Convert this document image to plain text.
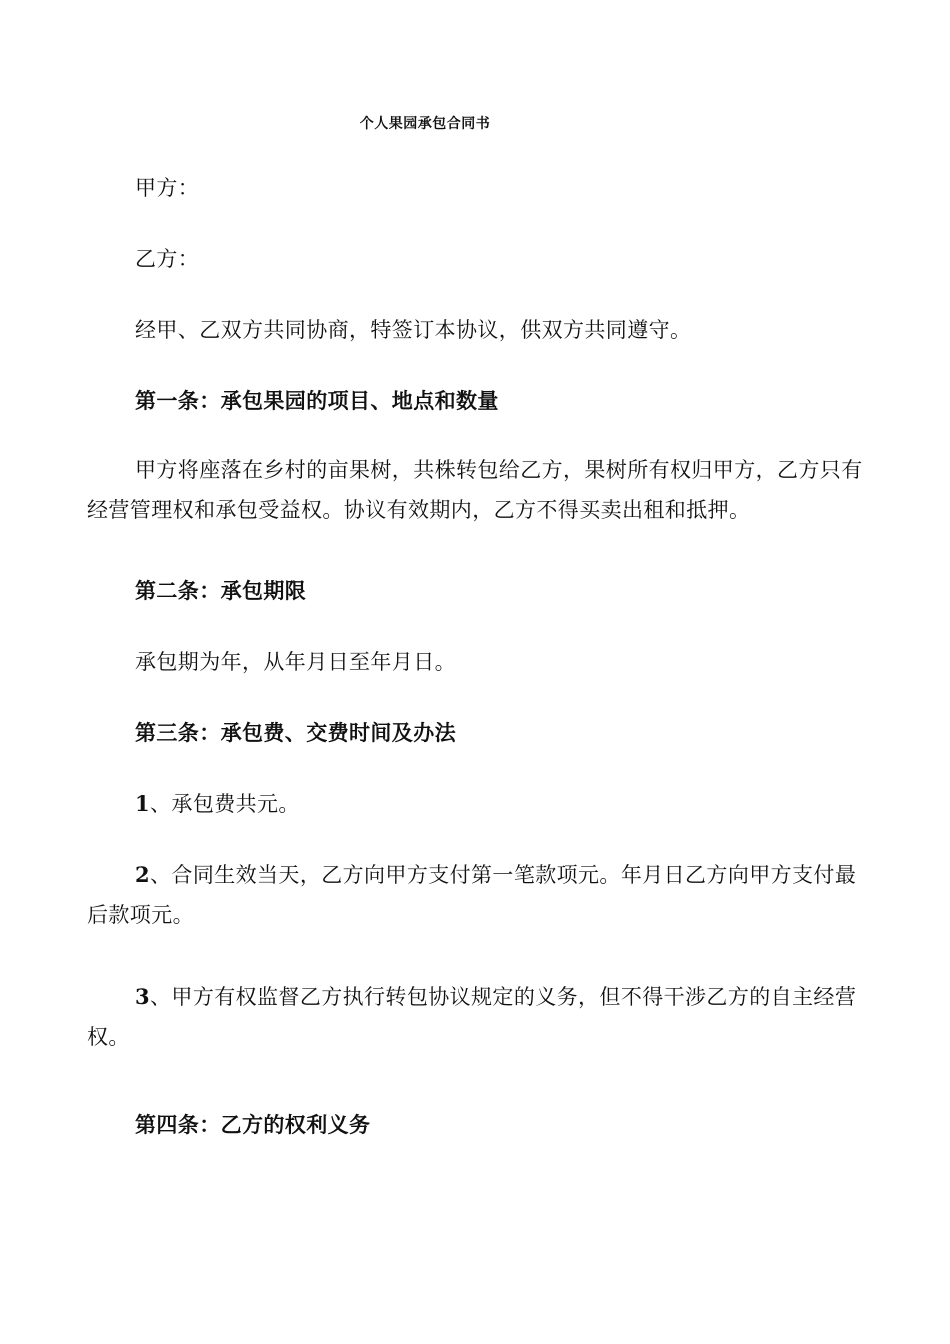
个人果园承包合同书

甲方：

乙方：

经甲、乙双方共同协商，特签订本协议，供双方共同遵守。

第一条：承包果园的项目、地点和数量

甲方将座落在乡村的亩果树，共株转包给乙方，果树所有权归甲方，乙方只有经营管理权和承包受益权。协议有效期内，乙方不得买卖出租和抵押。

第二条：承包期限

承包期为年，从年月日至年月日。

第三条：承包费、交费时间及办法

1、承包费共元。

2、合同生效当天，乙方向甲方支付第一笔款项元。年月日乙方向甲方支付最后款项元。

3、甲方有权监督乙方执行转包协议规定的义务，但不得干涉乙方的自主经营权。

第四条：乙方的权利义务
